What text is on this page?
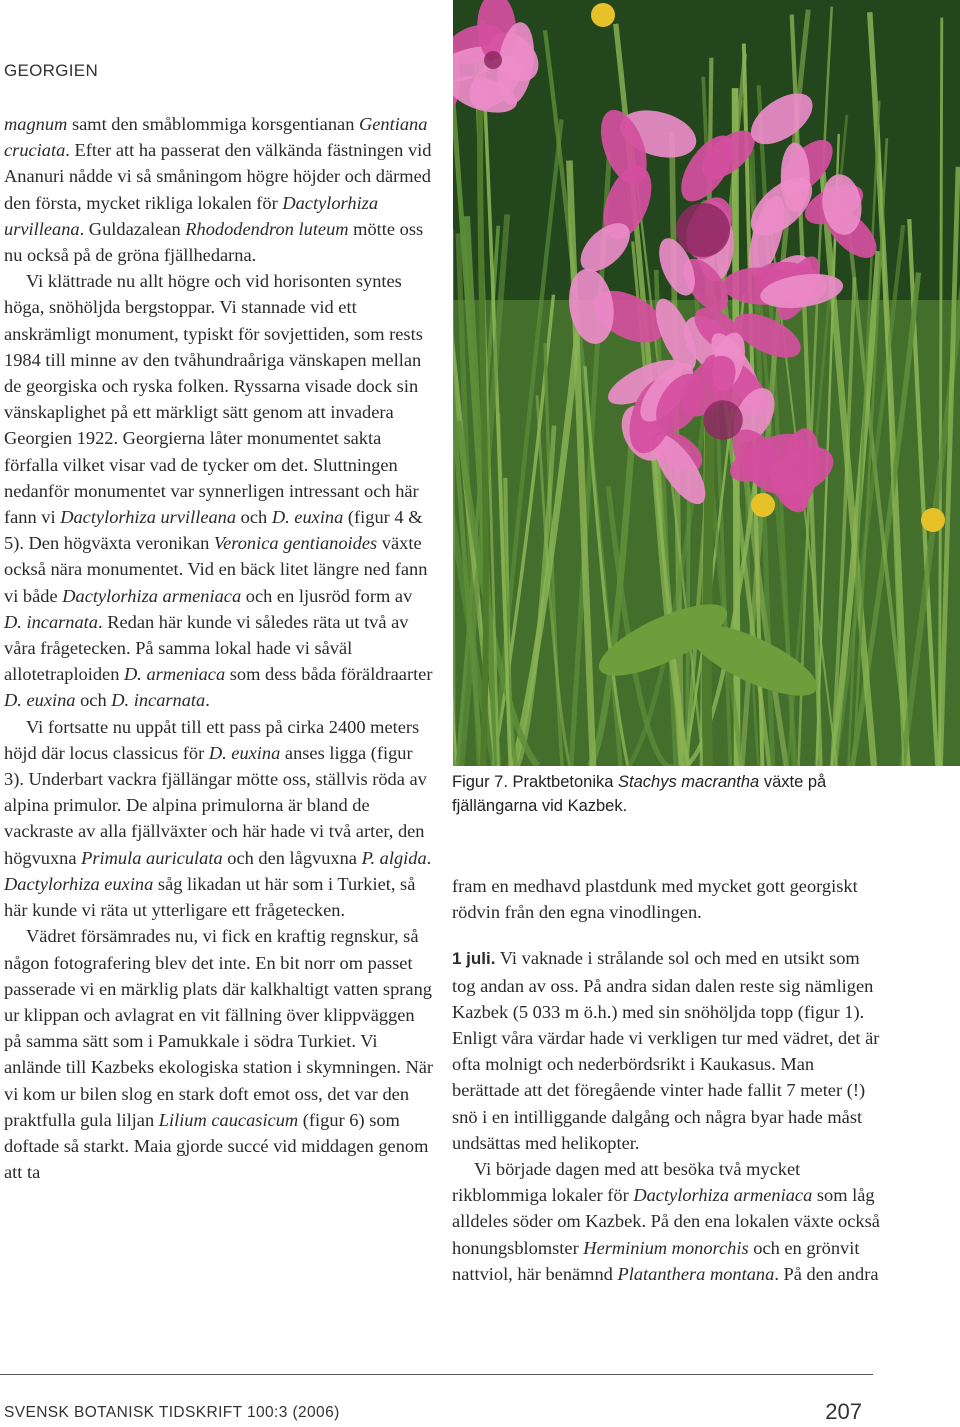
GEORGIEN

magnum samt den småblommiga korsgentianan Gentiana cruciata. Efter att ha passerat den välkända fästningen vid Ananuri nådde vi så småningom högre höjder och därmed den första, mycket rikliga lokalen för Dactylorhiza urvilleana. Guldazalean Rhododendron luteum mötte oss nu också på de gröna fjällhedarna.

Vi klättrade nu allt högre och vid horisonten syntes höga, snöhöljda bergstoppar. Vi stannade vid ett anskrämligt monument, typiskt för sovjettiden, som rests 1984 till minne av den tvåhundraåriga vänskapen mellan de georgiska och ryska folken. Ryssarna visade dock sin vänskaplighet på ett märkligt sätt genom att invadera Georgien 1922. Georgierna låter monumentet sakta förfalla vilket visar vad de tycker om det. Sluttningen nedanför monumentet var synnerligen intressant och här fann vi Dactylorhiza urvilleana och D. euxina (figur 4 & 5). Den högväxta veronikan Veronica gentianoides växte också nära monumentet. Vid en bäck litet längre ned fann vi både Dactylorhiza armeniaca och en ljusröd form av D. incarnata. Redan här kunde vi således räta ut två av våra frågetecken. På samma lokal hade vi såväl allotetraploiden D. armeniaca som dess båda föräldraarter D. euxina och D. incarnata.

Vi fortsatte nu uppåt till ett pass på cirka 2400 meters höjd där locus classicus för D. euxina anses ligga (figur 3). Underbart vackra fjällängar mötte oss, ställvis röda av alpina primulor. De alpina primulorna är bland de vackraste av alla fjällväxter och här hade vi två arter, den högvuxna Primula auriculata och den lågvuxna P. algida. Dactylorhiza euxina såg likadan ut här som i Turkiet, så här kunde vi räta ut ytterligare ett frågetecken.

Vädret försämrades nu, vi fick en kraftig regnskur, så någon fotografering blev det inte. En bit norr om passet passerade vi en märklig plats där kalkhaltigt vatten sprang ur klippan och avlagrat en vit fällning över klippväggen på samma sätt som i Pamukkale i södra Turkiet. Vi anlände till Kazbeks ekologiska station i skymningen. När vi kom ur bilen slog en stark doft emot oss, det var den praktfulla gula liljan Lilium caucasicum (figur 6) som doftade så starkt. Maia gjorde succé vid middagen genom att ta

Figur 7. Praktbetonika Stachys macrantha växte på fjällängarna vid Kazbek.

fram en medhavd plastdunk med mycket gott georgiskt rödvin från den egna vinodlingen.

1 juli. Vi vaknade i strålande sol och med en utsikt som tog andan av oss. På andra sidan dalen reste sig nämligen Kazbek (5 033 m ö.h.) med sin snöhöljda topp (figur 1). Enligt våra värdar hade vi verkligen tur med vädret, det är ofta molnigt och nederbördsrikt i Kaukasus. Man berättade att det föregående vinter hade fallit 7 meter (!) snö i en intilliggande dalgång och några byar hade måst undsättas med helikopter.

Vi började dagen med att besöka två mycket rikblommiga lokaler för Dactylorhiza armeniaca som låg alldeles söder om Kazbek. På den ena lokalen växte också honungsblomster Herminium monorchis och en grönvit nattviol, här benämnd Platanthera montana. På den andra

SVENSK BOTANISK TIDSKRIFT 100:3 (2006)	207
